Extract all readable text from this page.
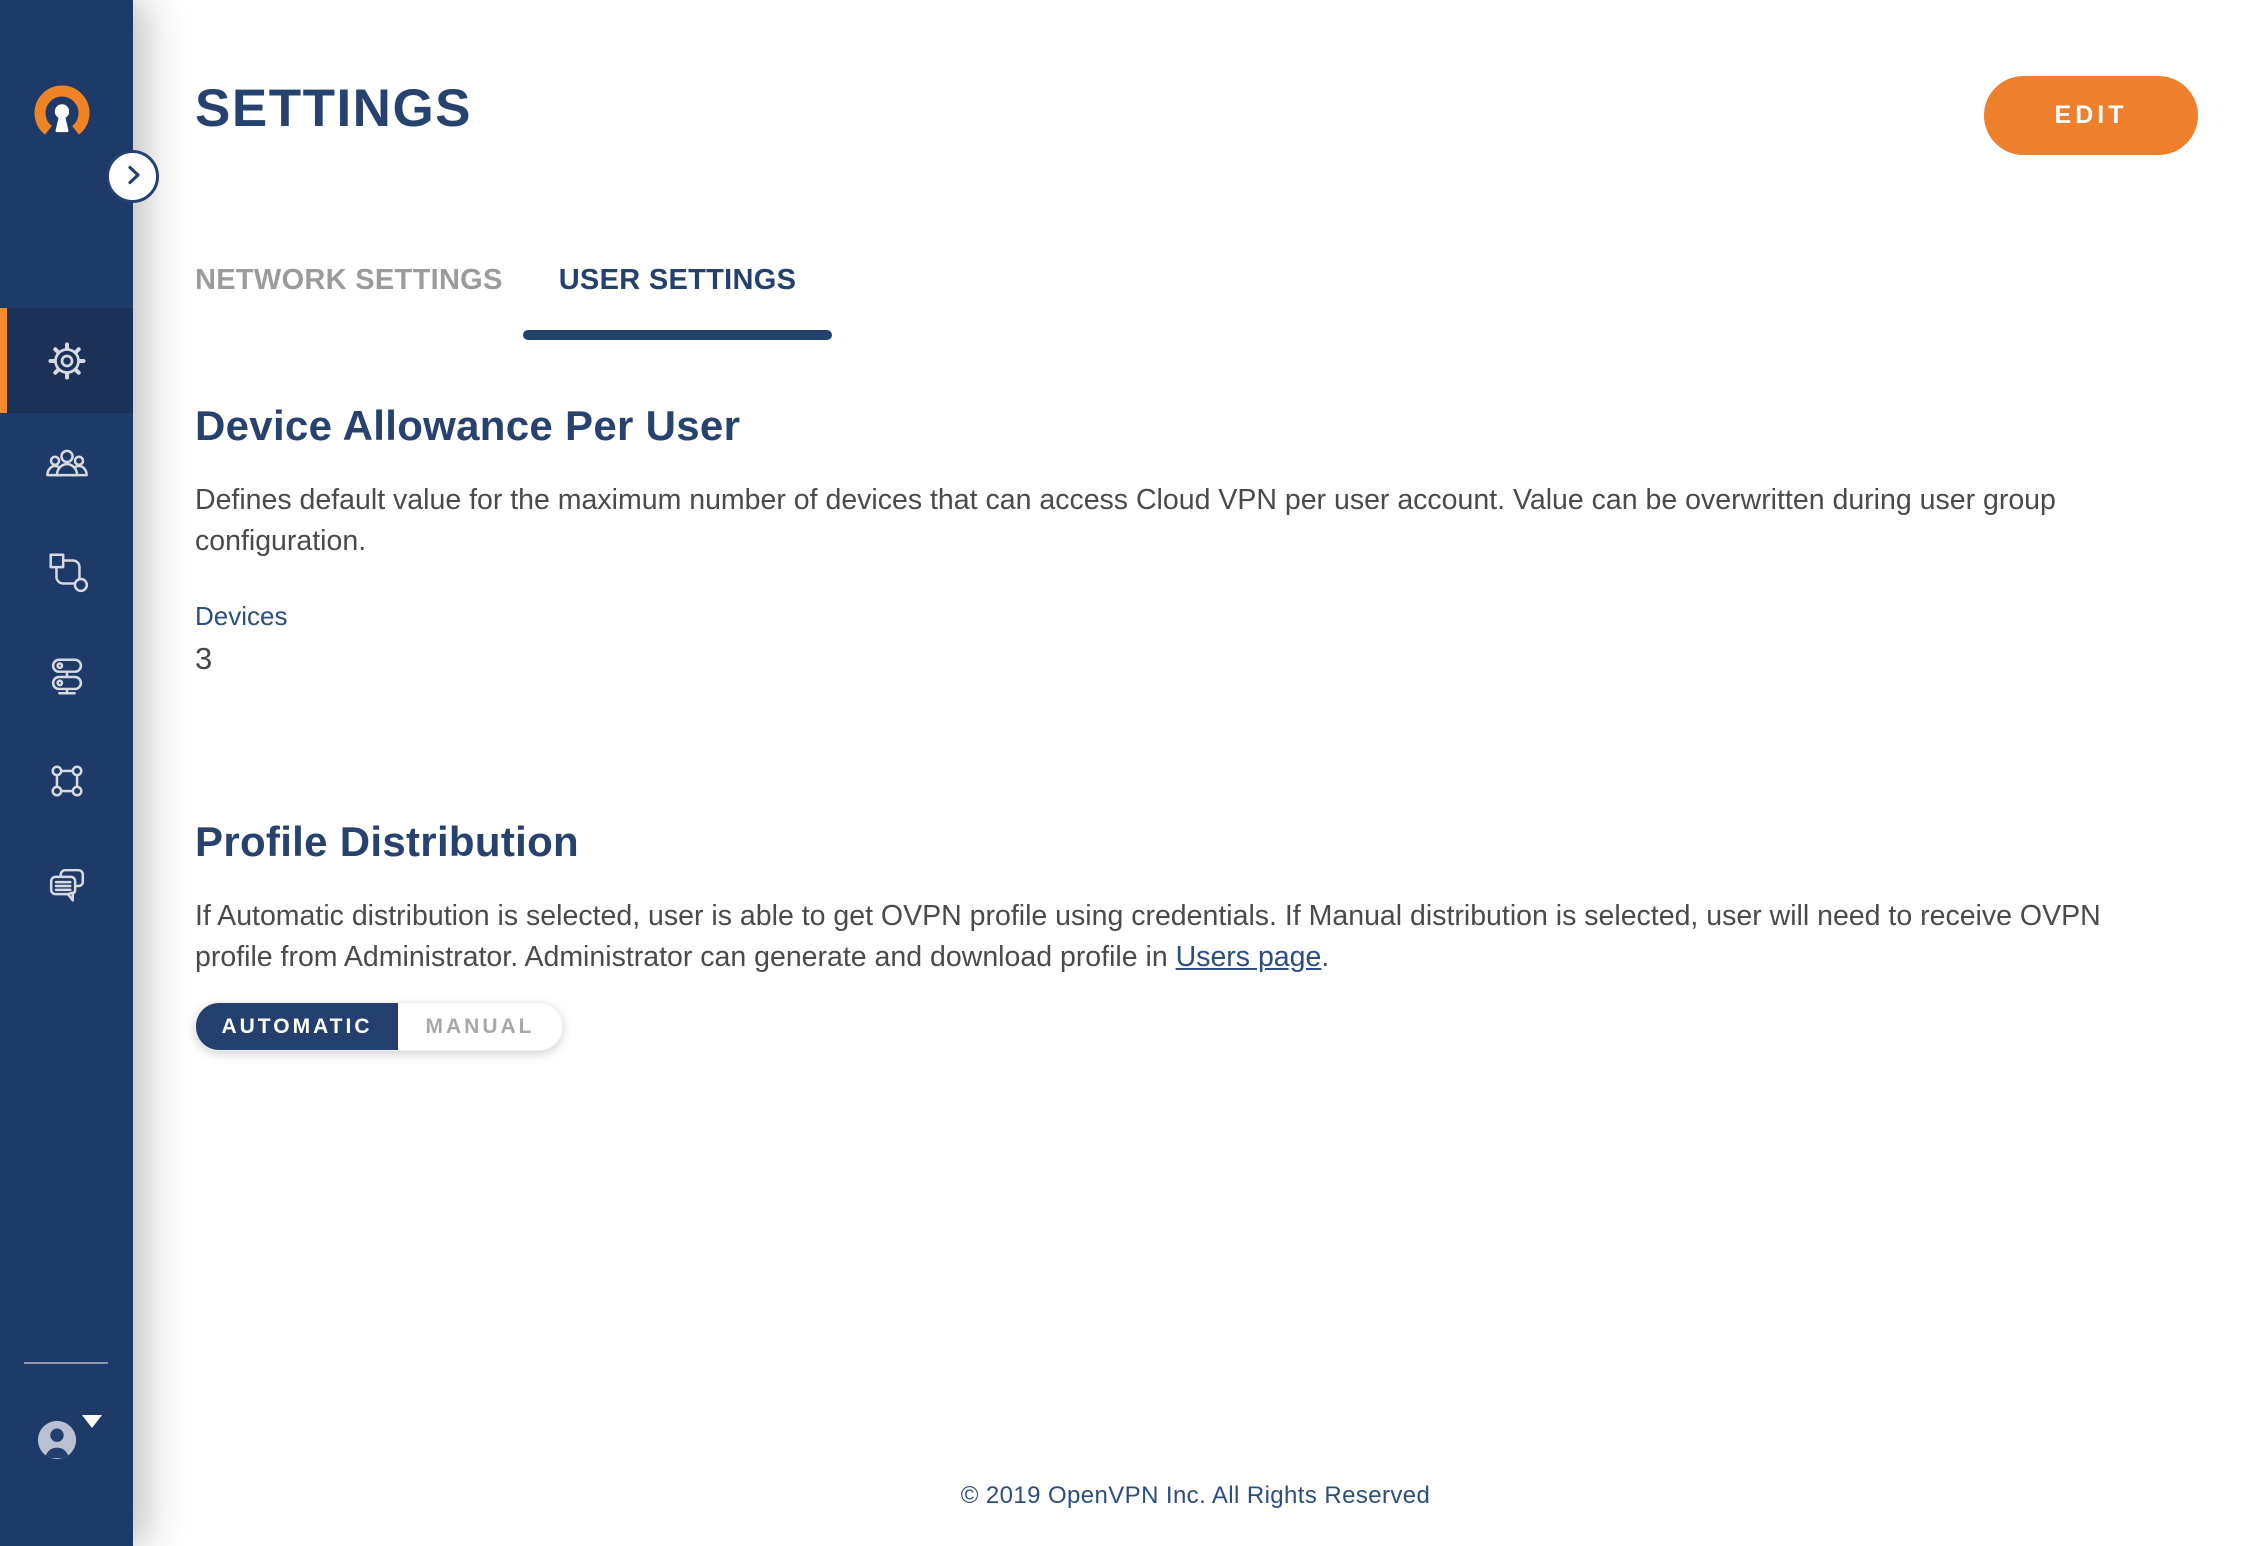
SETTINGS	EDIT
NETWORK SETTINGS USER SETTINGS
Device Allowance Per User

Defines default value for the maximum number of devices that can access Cloud VPN per user account. Value can be overwritten during user group configuration.

Devices
3
Profile Distribution

If Automatic distribution is selected, user is able to get OVPN profile using credentials. If Manual distribution is selected, user will need to receive OVPN profile from Administrator. Administrator can generate and download profile in Users page.

AUTOMATIC	MANUAL
© 2019 OpenVPN Inc. All Rights Reserved
